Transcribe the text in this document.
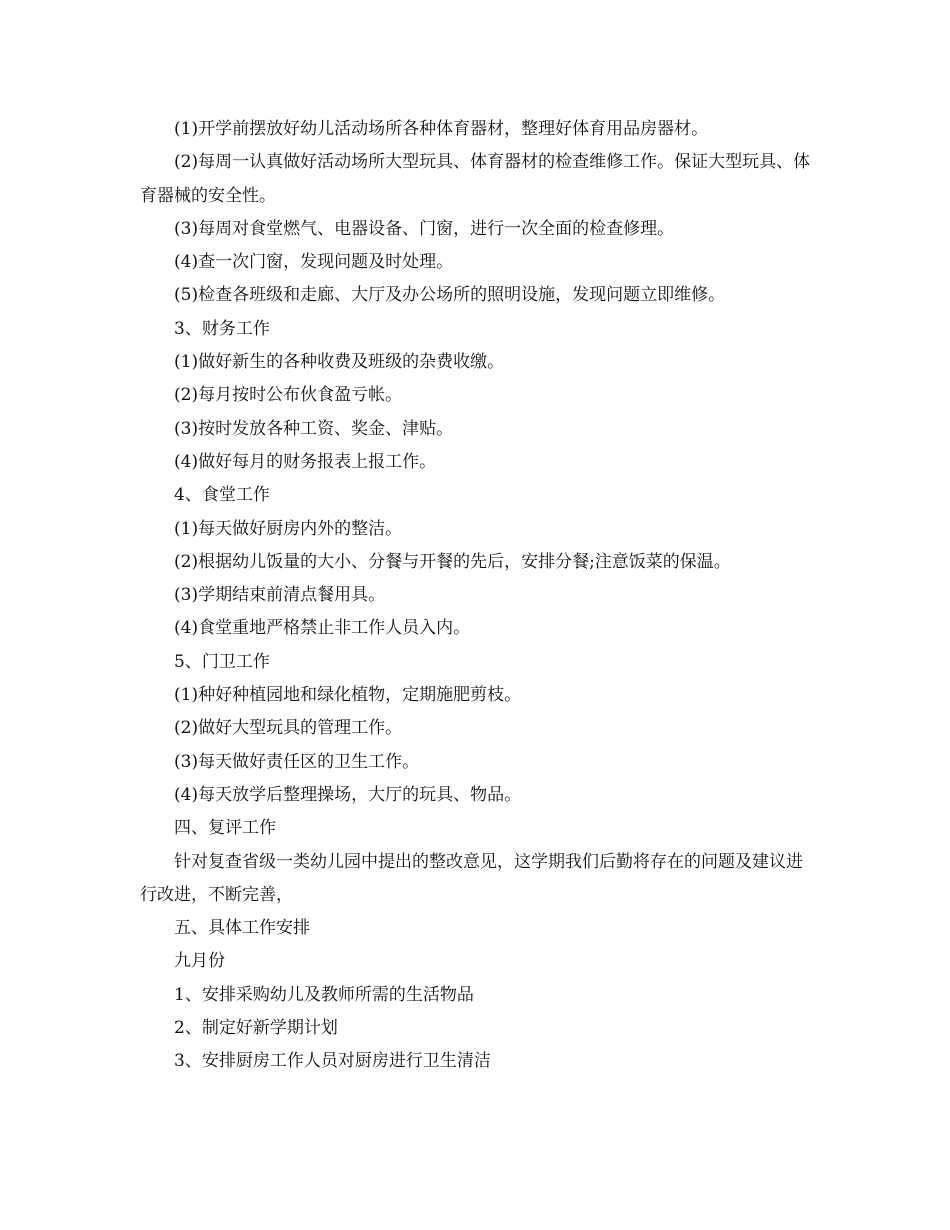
(1)开学前摆放好幼儿活动场所各种体育器材，整理好体育用品房器材。

(2)每周一认真做好活动场所大型玩具、体育器材的检查维修工作。保证大型玩具、体育器械的安全性。

(3)每周对食堂燃气、电器设备、门窗，进行一次全面的检查修理。

(4)查一次门窗，发现问题及时处理。

(5)检查各班级和走廊、大厅及办公场所的照明设施，发现问题立即维修。

3、财务工作

(1)做好新生的各种收费及班级的杂费收缴。

(2)每月按时公布伙食盈亏帐。

(3)按时发放各种工资、奖金、津贴。

(4)做好每月的财务报表上报工作。

4、食堂工作

(1)每天做好厨房内外的整洁。

(2)根据幼儿饭量的大小、分餐与开餐的先后，安排分餐;注意饭菜的保温。

(3)学期结束前清点餐用具。

(4)食堂重地严格禁止非工作人员入内。

5、门卫工作

(1)种好种植园地和绿化植物，定期施肥剪枝。

(2)做好大型玩具的管理工作。

(3)每天做好责任区的卫生工作。

(4)每天放学后整理操场，大厅的玩具、物品。

四、复评工作

针对复查省级一类幼儿园中提出的整改意见，这学期我们后勤将存在的问题及建议进行改进，不断完善，

五、具体工作安排

九月份

1、安排采购幼儿及教师所需的生活物品

2、制定好新学期计划

3、安排厨房工作人员对厨房进行卫生清洁
